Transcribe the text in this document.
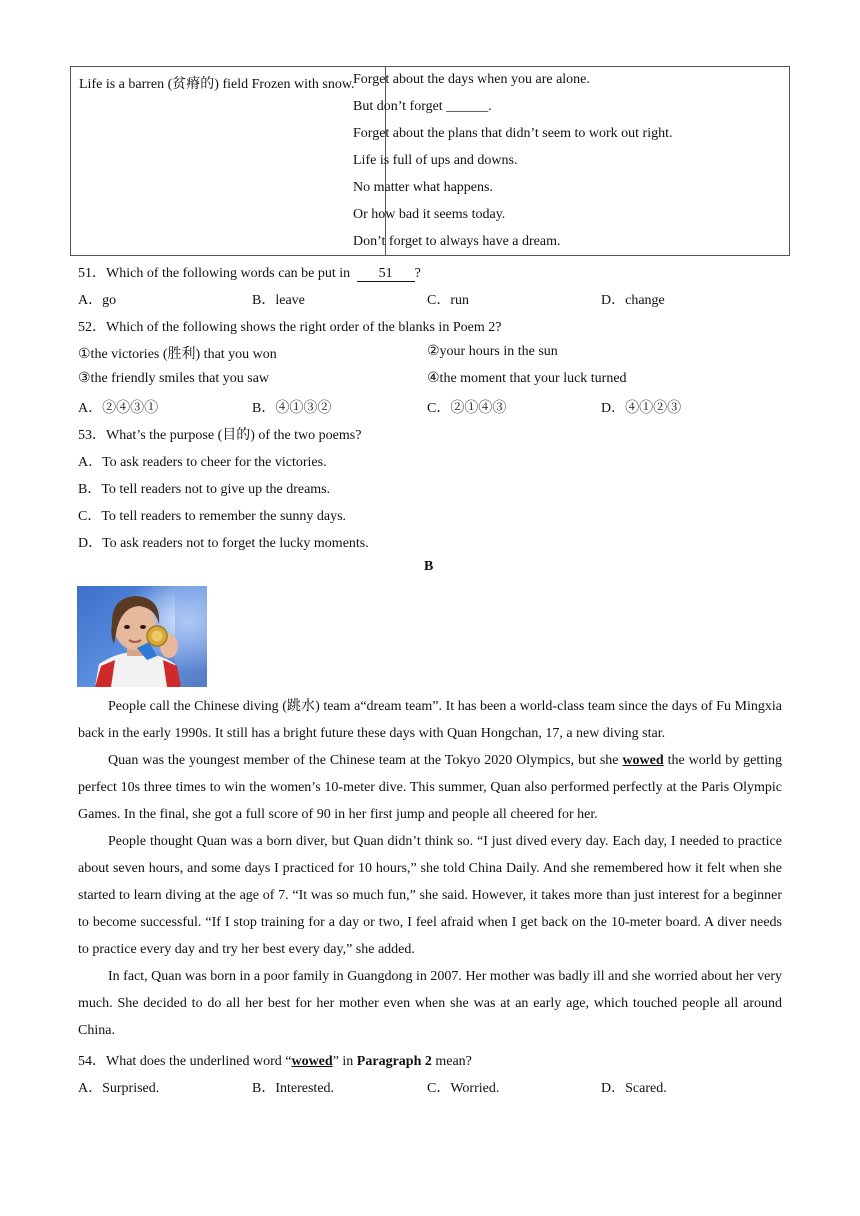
Life is a barren (贫瘠的) field Frozen with snow.
Forget about the days when you are alone.
But don’t forget ______.
Forget about the plans that didn’t seem to work out right.
Life is full of ups and downs.
No matter what happens.
Or how bad it seems today.
Don’t forget to always have a dream.
51．Which of the following words can be put in 51 ?
A．go	B．leave	C．run	D．change
52．Which of the following shows the right order of the blanks in Poem 2?
①the victories (胜利) that you won	②your hours in the sun
③the friendly smiles that you saw	④the moment that your luck turned
A．②④③①	B．④①③②	C．②①④③	D．④①②③
53．What’s the purpose (目的) of the two poems?
A．To ask readers to cheer for the victories.
B．To tell readers not to give up the dreams.
C．To tell readers to remember the sunny days.
D．To ask readers not to forget the lucky moments.
B

People call the Chinese diving (跳水) team a“dream team”. It has been a world-class team since the days of Fu Mingxia back in the early 1990s. It still has a bright future these days with Quan Hongchan, 17, a new diving star.

Quan was the youngest member of the Chinese team at the Tokyo 2020 Olympics, but she wowed the world by getting perfect 10s three times to win the women’s 10-meter dive. This summer, Quan also performed perfectly at the Paris Olympic Games. In the final, she got a full score of 90 in her first jump and people all cheered for her.

People thought Quan was a born diver, but Quan didn’t think so. “I just dived every day. Each day, I needed to practice about seven hours, and some days I practiced for 10 hours,” she told China Daily. And she remembered how it felt when she started to learn diving at the age of 7. “It was so much fun,” she said. However, it takes more than just interest for a beginner to become successful. “If I stop training for a day or two, I feel afraid when I get back on the 10-meter board. A diver needs to practice every day and try her best every day,” she added.

In fact, Quan was born in a poor family in Guangdong in 2007. Her mother was badly ill and she worried about her very much. She decided to do all her best for her mother even when she was at an early age, which touched people all around China.

54．What does the underlined word “wowed” in Paragraph 2 mean?
A．Surprised.	B．Interested.	C．Worried.	D．Scared.
